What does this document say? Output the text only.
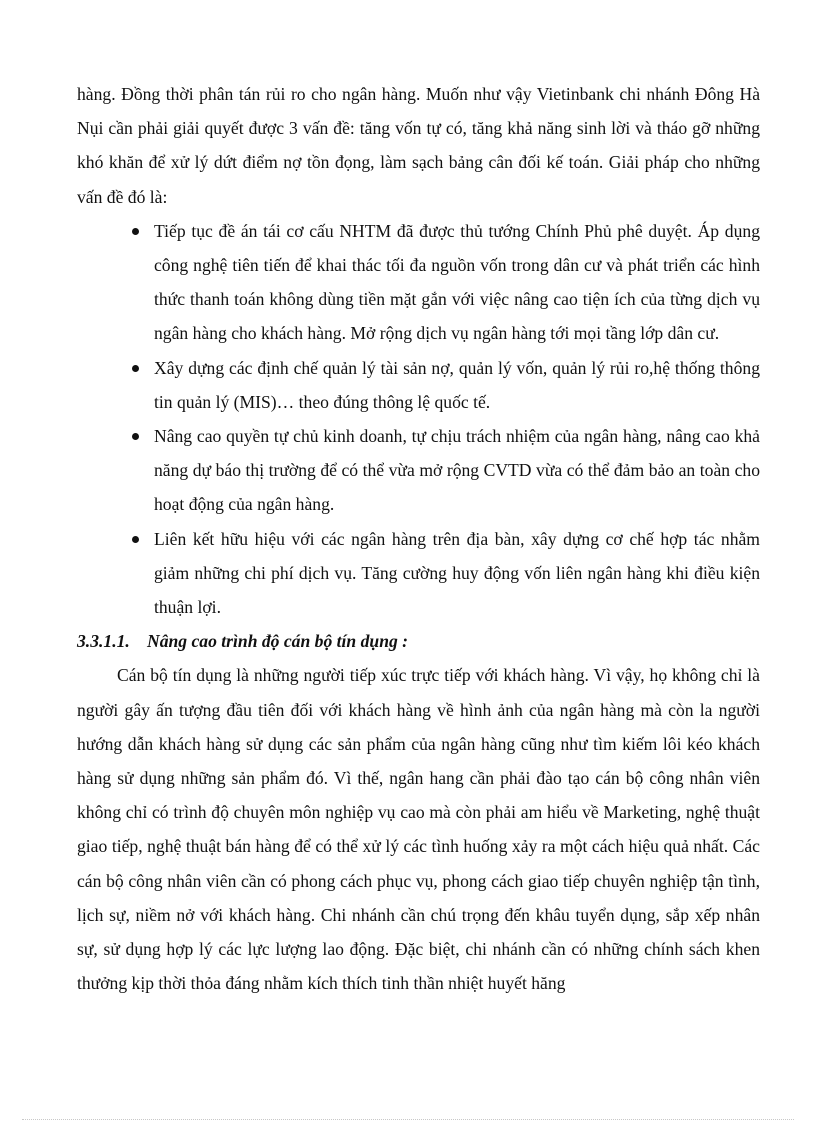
hàng. Đồng thời phân tán rủi ro cho ngân hàng. Muốn như vậy Vietinbank chi nhánh Đông Hà Nụi cần phải giải quyết được 3 vấn đề: tăng vốn tự có, tăng khả năng sinh lời và tháo gỡ những khó khăn để xử lý dứt điểm nợ tồn đọng, làm sạch bảng cân đối kế toán. Giải pháp cho những vấn đề đó là:

Tiếp tục đề án tái cơ cấu NHTM đã được thủ tướng Chính Phủ phê duyệt. Áp dụng công nghệ tiên tiến để khai thác tối đa nguồn vốn trong dân cư và phát triển các hình thức thanh toán không dùng tiền mặt gắn với việc nâng cao tiện ích của từng dịch vụ ngân hàng cho khách hàng. Mở rộng dịch vụ ngân hàng tới mọi tầng lớp dân cư.
Xây dựng các định chế quản lý tài sản nợ, quản lý vốn, quản lý rủi ro,hệ thống thông tin quản lý (MIS)… theo đúng thông lệ quốc tế.
Nâng cao quyền tự chủ kinh doanh, tự chịu trách nhiệm của ngân hàng, nâng cao khả năng dự báo thị trường để có thể vừa mở rộng CVTD vừa có thể đảm bảo an toàn cho hoạt động của ngân hàng.
Liên kết hữu hiệu với các ngân hàng trên địa bàn, xây dựng cơ chế hợp tác nhằm giảm những chi phí dịch vụ. Tăng cường huy động vốn liên ngân hàng khi điều kiện thuận lợi.

3.3.1.1. Nâng cao trình độ cán bộ tín dụng :

Cán bộ tín dụng là những người tiếp xúc trực tiếp với khách hàng. Vì vậy, họ không chỉ là người gây ấn tượng đầu tiên đối với khách hàng về hình ảnh của ngân hàng mà còn la người hướng dẫn khách hàng sử dụng các sản phẩm của ngân hàng cũng như tìm kiếm lôi kéo khách hàng sử dụng những sản phẩm đó. Vì thế, ngân hang cần phải đào tạo cán bộ công nhân viên không chỉ có trình độ chuyên môn nghiệp vụ cao mà còn phải am hiểu về Marketing, nghệ thuật giao tiếp, nghệ thuật bán hàng để có thể xử lý các tình huống xảy ra một cách hiệu quả nhất. Các cán bộ công nhân viên cần có phong cách phục vụ, phong cách giao tiếp chuyên nghiệp tận tình, lịch sự, niềm nở với khách hàng. Chi nhánh cần chú trọng đến khâu tuyển dụng, sắp xếp nhân sự, sử dụng hợp lý các lực lượng lao động. Đặc biệt, chi nhánh cần có những chính sách khen thưởng kịp thời thỏa đáng nhằm kích thích tinh thần nhiệt huyết hăng
